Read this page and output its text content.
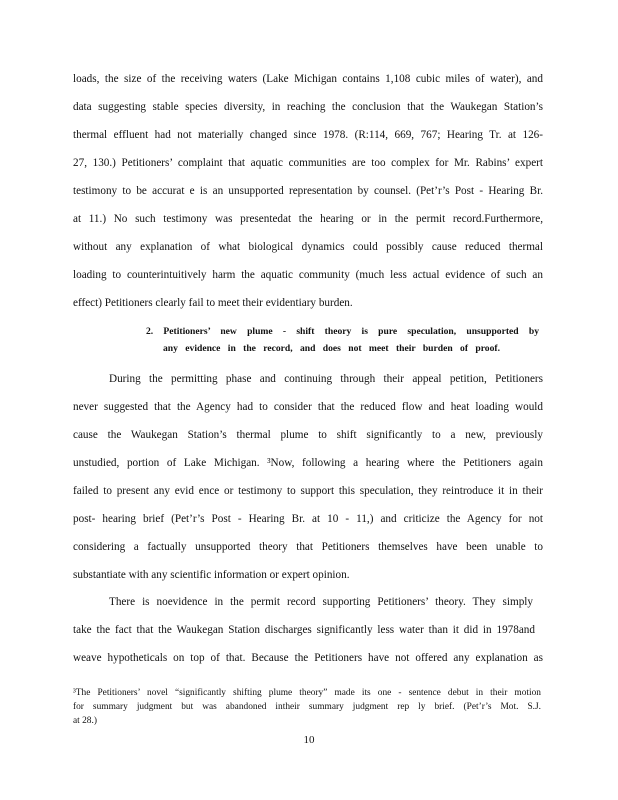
loads, the size of the receiving waters (Lake Michigan contains 1,108 cubic miles of water), and
data suggesting stable species diversity, in reaching the conclusion that the Waukegan Station’s
thermal effluent had not materially changed since 1978. (R:114, 669, 767; Hearing Tr. at 126-
27, 130.) Petitioners’ complaint that aquatic communities are too complex for Mr. Rabins’ expert
testimony to be accurat e is an unsupported representation by counsel. (Pet’r’s Post - Hearing Br.
at 11.) No such testimony was presentedat the hearing or in the permit record.Furthermore,
without any explanation of what biological dynamics could possibly cause reduced thermal
loading to counterintuitively harm the aquatic community (much less actual evidence of such an
effect) Petitioners clearly fail to meet their evidentiary burden.
2. Petitioners’ new plume - shift theory is pure speculation, unsupported by
any evidence in the record, and does not meet their burden of proof.
During the permitting phase and continuing through their appeal petition, Petitioners
never suggested that the Agency had to consider that the reduced flow and heat loading would
cause the Waukegan Station’s thermal plume to shift significantly to a new, previously
unstudied, portion of Lake Michigan. ³Now, following a hearing where the Petitioners again
failed to present any evid ence or testimony to support this speculation, they reintroduce it in their
post- hearing brief (Pet’r’s Post - Hearing Br. at 10 - 11,) and criticize the Agency for not
considering a factually unsupported theory that Petitioners themselves have been unable to
substantiate with any scientific information or expert opinion.
There is noevidence in the permit record supporting Petitioners’ theory. They simply
take the fact that the Waukegan Station discharges significantly less water than it did in 1978and
weave hypotheticals on top of that. Because the Petitioners have not offered any explanation as
³The Petitioners’ novel “significantly shifting plume theory” made its one - sentence debut in their motion
for summary judgment but was abandoned intheir summary judgment rep ly brief. (Pet’r’s Mot. S.J.
at 28.)
10
